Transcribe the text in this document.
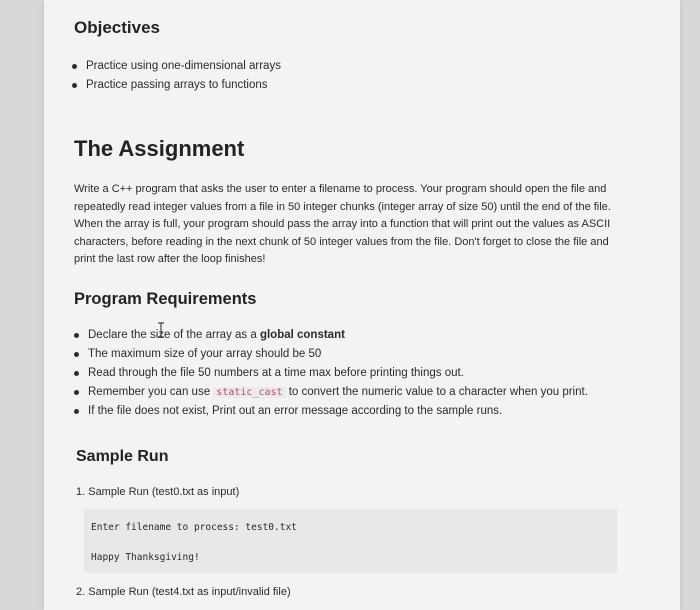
Objectives
Practice using one-dimensional arrays
Practice passing arrays to functions
The Assignment

Write a C++ program that asks the user to enter a filename to process. Your program should open the file and repeatedly read integer values from a file in 50 integer chunks (integer array of size 50) until the end of the file. When the array is full, your program should pass the array into a function that will print out the values as ASCII characters, before reading in the next chunk of 50 integer values from the file. Don't forget to close the file and print the last row after the loop finishes!

Program Requirements
Declare the size of the array as a global constant
The maximum size of your array should be 50
Read through the file 50 numbers at a time max before printing things out.
Remember you can use static_cast to convert the numeric value to a character when you print.
If the file does not exist, Print out an error message according to the sample runs.
Sample Run
1. Sample Run (test0.txt as input)
Enter filename to process: test0.txt
Happy Thanksgiving!
2. Sample Run (test4.txt as input/invalid file)
